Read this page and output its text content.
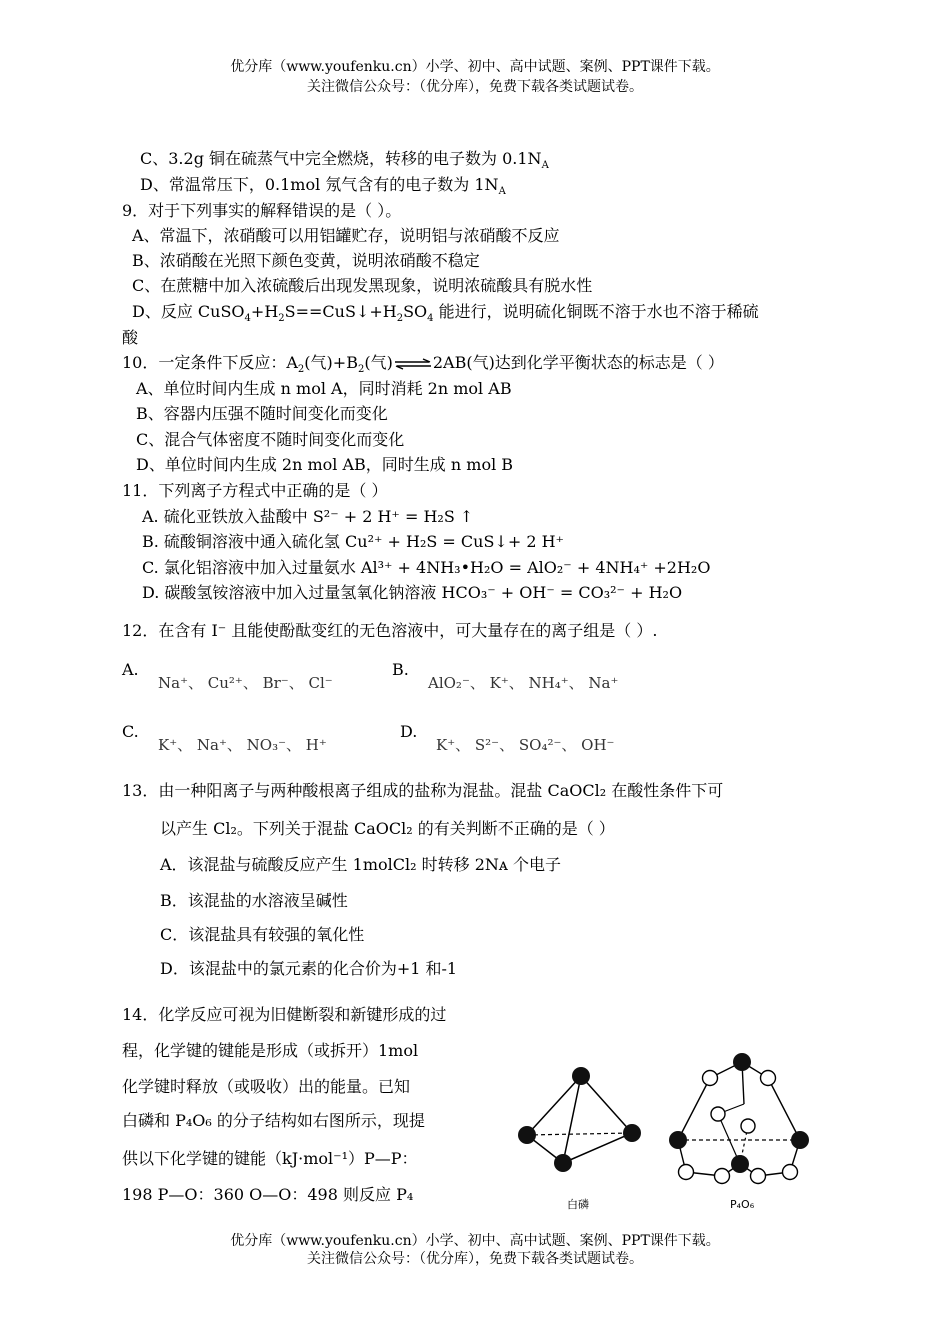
优分库（www.youfenku.cn）小学、初中、高中试题、案例、PPT课件下载。
关注微信公众号：（优分库），免费下载各类试题试卷。
C、3.2g 铜在硫蒸气中完全燃烧，转移的电子数为 $0.1N_A$
D、常温常压下，0.1mol 氖气含有的电子数为 $1N_A$
9．对于下列事实的解释错误的是（ ）。
A、常温下，浓硝酸可以用铝罐贮存，说明铝与浓硝酸不反应
B、浓硝酸在光照下颜色变黄，说明浓硝酸不稳定
C、在蔗糖中加入浓硫酸后出现发黑现象，说明浓硫酸具有脱水性
D、反应 $CuSO_4+H_2S==CuS↓+H_2SO_4$ 能进行，说明硫化铜既不溶于水也不溶于稀硫
酸
10．一定条件下反应：$A_2$(气)$+B_2$(气)⇌2AB(气)达到化学平衡状态的标志是（ ）
A、单位时间内生成 n mol A，同时消耗 2n mol AB
B、容器内压强不随时间变化而变化
C、混合气体密度不随时间变化而变化
D、单位时间内生成 2n mol AB，同时生成 n mol B
11．下列离子方程式中正确的是（ ）
A. 硫化亚铁放入盐酸中 S²⁻ + 2 H⁺ = H₂S ↑
B. 硫酸铜溶液中通入硫化氢 Cu²⁺ + H₂S = CuS↓+ 2 H⁺
C. 氯化铝溶液中加入过量氨水 Al³⁺ + 4NH₃•H₂O = AlO₂⁻ + 4NH₄⁺ +2H₂O
D. 碳酸氢铵溶液中加入过量氢氧化钠溶液 HCO₃⁻ + OH⁻ = CO₃²⁻ + H₂O
12．在含有 I⁻ 且能使酚酞变红的无色溶液中，可大量存在的离子组是（ ）.
A.
Na⁺、 Cu²⁺、 Br⁻、 Cl⁻
B.
AlO₂⁻、 K⁺、 NH₄⁺、 Na⁺
C.
K⁺、 Na⁺、 NO₃⁻、 H⁺
D.
K⁺、 S²⁻、 SO₄²⁻、 OH⁻
13．由一种阳离子与两种酸根离子组成的盐称为混盐。混盐 CaOCl₂ 在酸性条件下可
以产生 Cl₂。下列关于混盐 CaOCl₂ 的有关判断不正确的是（ ）
A．该混盐与硫酸反应产生 1molCl₂ 时转移 2Nᴀ 个电子
B．该混盐的水溶液呈碱性
C．该混盐具有较强的氧化性
D．该混盐中的氯元素的化合价为+1 和-1
14．化学反应可视为旧健断裂和新键形成的过
程，化学键的键能是形成（或拆开）1mol
化学键时释放（或吸收）出的能量。已知
白磷和 P₄O₆ 的分子结构如右图所示，现提
供以下化学键的键能（kJ·mol⁻¹）P—P：
198 P—O：360 O—O：498 则反应 P₄
白磷	P₄O₆
优分库（www.youfenku.cn）小学、初中、高中试题、案例、PPT课件下载。
关注微信公众号：（优分库），免费下载各类试题试卷。
